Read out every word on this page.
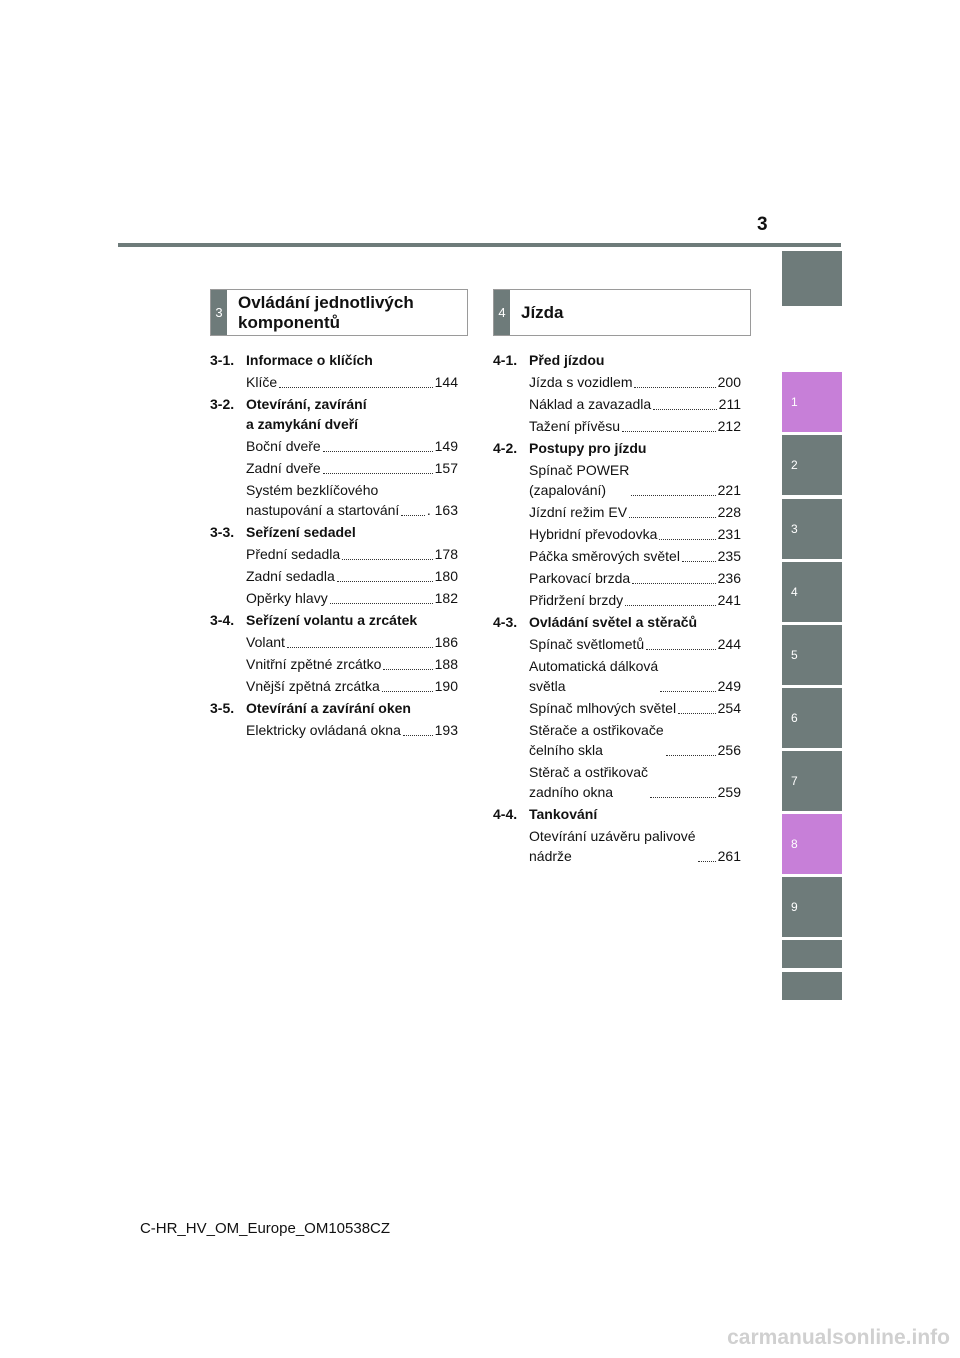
3
1
2
3
4
5
6
7
8
9
3
Ovládání jednotlivých
komponentů	4 Jízda
3-1. Informace o klíčích
Klíče	144
3-2. Otevírání, zavírání
a zamykání dveří
Boční dveře	149
Zadní dveře	157
Systém bezklíčového
nastupování a startování . 163
3-3. Seřízení sedadel
Přední sedadla	178
Zadní sedadla	180
Opěrky hlavy	182
3-4. Seřízení volantu a zrcátek
Volant	186
Vnitřní zpětné zrcátko	188
Vnější zpětná zrcátka	190
3-5. Otevírání a zavírání oken
Elektricky ovládaná okna 193
4-1. Před jízdou
Jízda s vozidlem	200
Náklad a zavazadla	211
Tažení přívěsu	212
4-2. Postupy pro jízdu
Spínač POWER
(zapalování)	221
Jízdní režim EV	228
Hybridní převodovka	231
Páčka směrových světel	235
Parkovací brzda	236
Přidržení brzdy	241
4-3. Ovládání světel a stěračů
Spínač světlometů	244
Automatická dálková
světla	249
Spínač mlhových světel	254
Stěrače a ostřikovače
čelního skla	256
Stěrač a ostřikovač
zadního okna	259
4-4. Tankování
Otevírání uzávěru palivové
nádrže	261
C-HR_HV_OM_Europe_OM10538CZ
carmanualsonline.info
